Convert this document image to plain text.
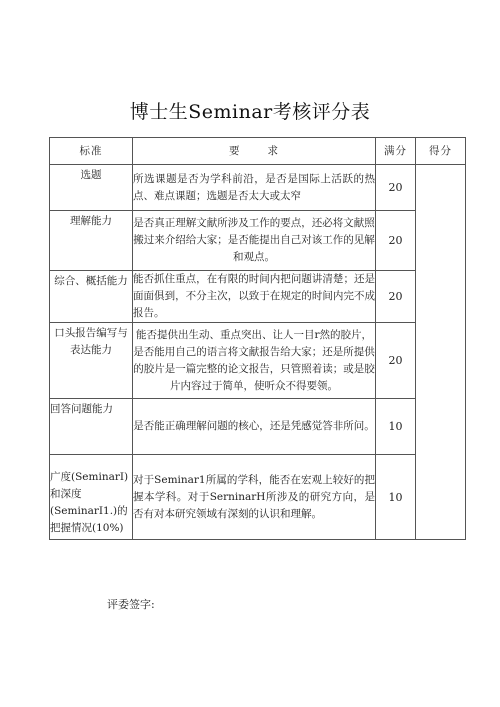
博士生Seminar考核评分表
标准	要求	满分	得分
选题	所选课题是否为学科前沿，是否是国际上活跃的热点、难点课题；选题是否太大或太窄	20	
理解能力	是否真正理解文献所涉及工作的要点，还必将文献照搬过来介绍给大家；是否能提出自己对该工作的见解和观点。	20	
综合、概括能力	能否抓住重点，在有限的时间内把问题讲清楚；还是面面俱到，不分主次，以致于在规定的时间内完不成报告。	20	
口头报告编写与表达能力	能否提供出生动、重点突出、让人一目r然的胶片，是否能用自己的语言将文献报告给大家；还是所提供的胶片是一篇完整的论文报告，只管照着读；或是胶片内容过于简单，使听众不得要领。	20	
回答问题能力	是否能正确理解问题的核心，还是凭感觉答非所问。	10	
广度(SeminarI)和深度(SeminarI1.)的把握情况(10%)	对于Seminar1所属的学科，能否在宏观上较好的把握本学科。对于SerninarH所涉及的研究方向，是否有对本研究领域有深刻的认识和理解。	10	
评委签字:
